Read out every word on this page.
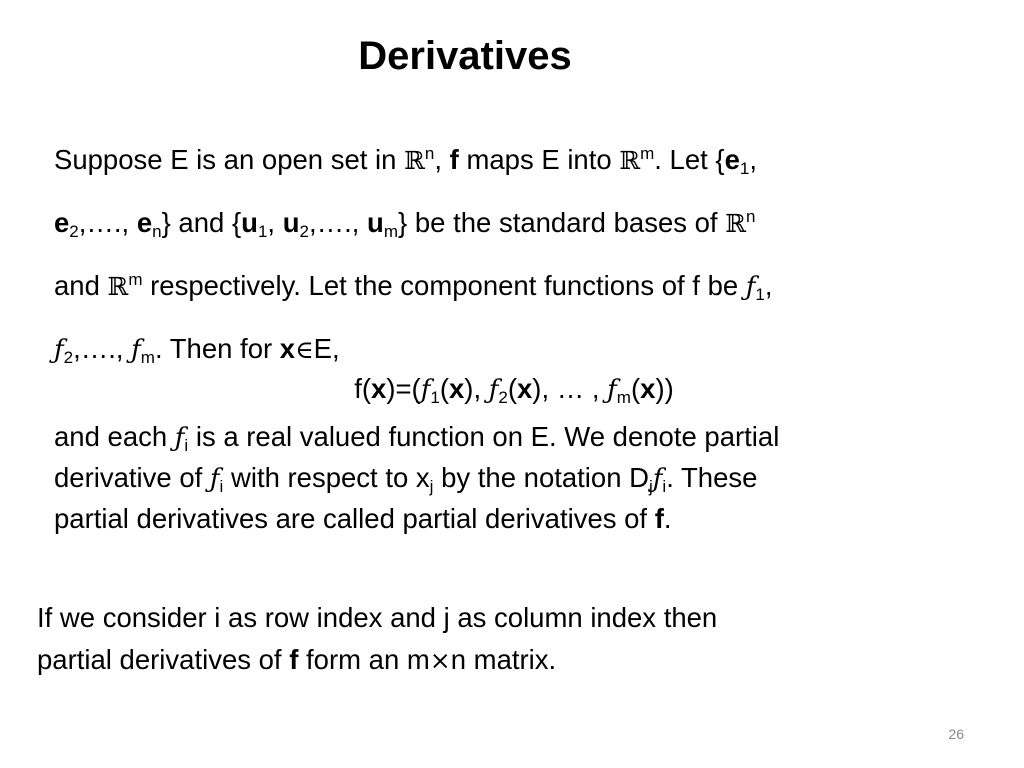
Derivatives
Suppose E is an open set in ℝ$^n$, f maps E into ℝ$^m$. Let {$e_1$,
$e_2,\dots$., $e_n$} and {$u_1$, $u_2,\dots$., $u_m$} be the standard bases of ℝ$^n$
and ℝ$^m$ respectively. Let the component functions of f be $ƒ_1$,
$ƒ_2,\dots$., $ƒ_m$. Then for x∈E,
$f(x)=(ƒ_1(x)$, $ƒ_2(x)$, … , $ƒ_m(x)$)
and each $ƒ_i$ is a real valued function on E. We denote partial
derivative of $ƒ_i$ with respect to $x_j$ by the notation $D_jƒ_i$. These
partial derivatives are called partial derivatives of f.
If we consider i as row index and j as column index then
partial derivatives of f form an m×n matrix.
26
